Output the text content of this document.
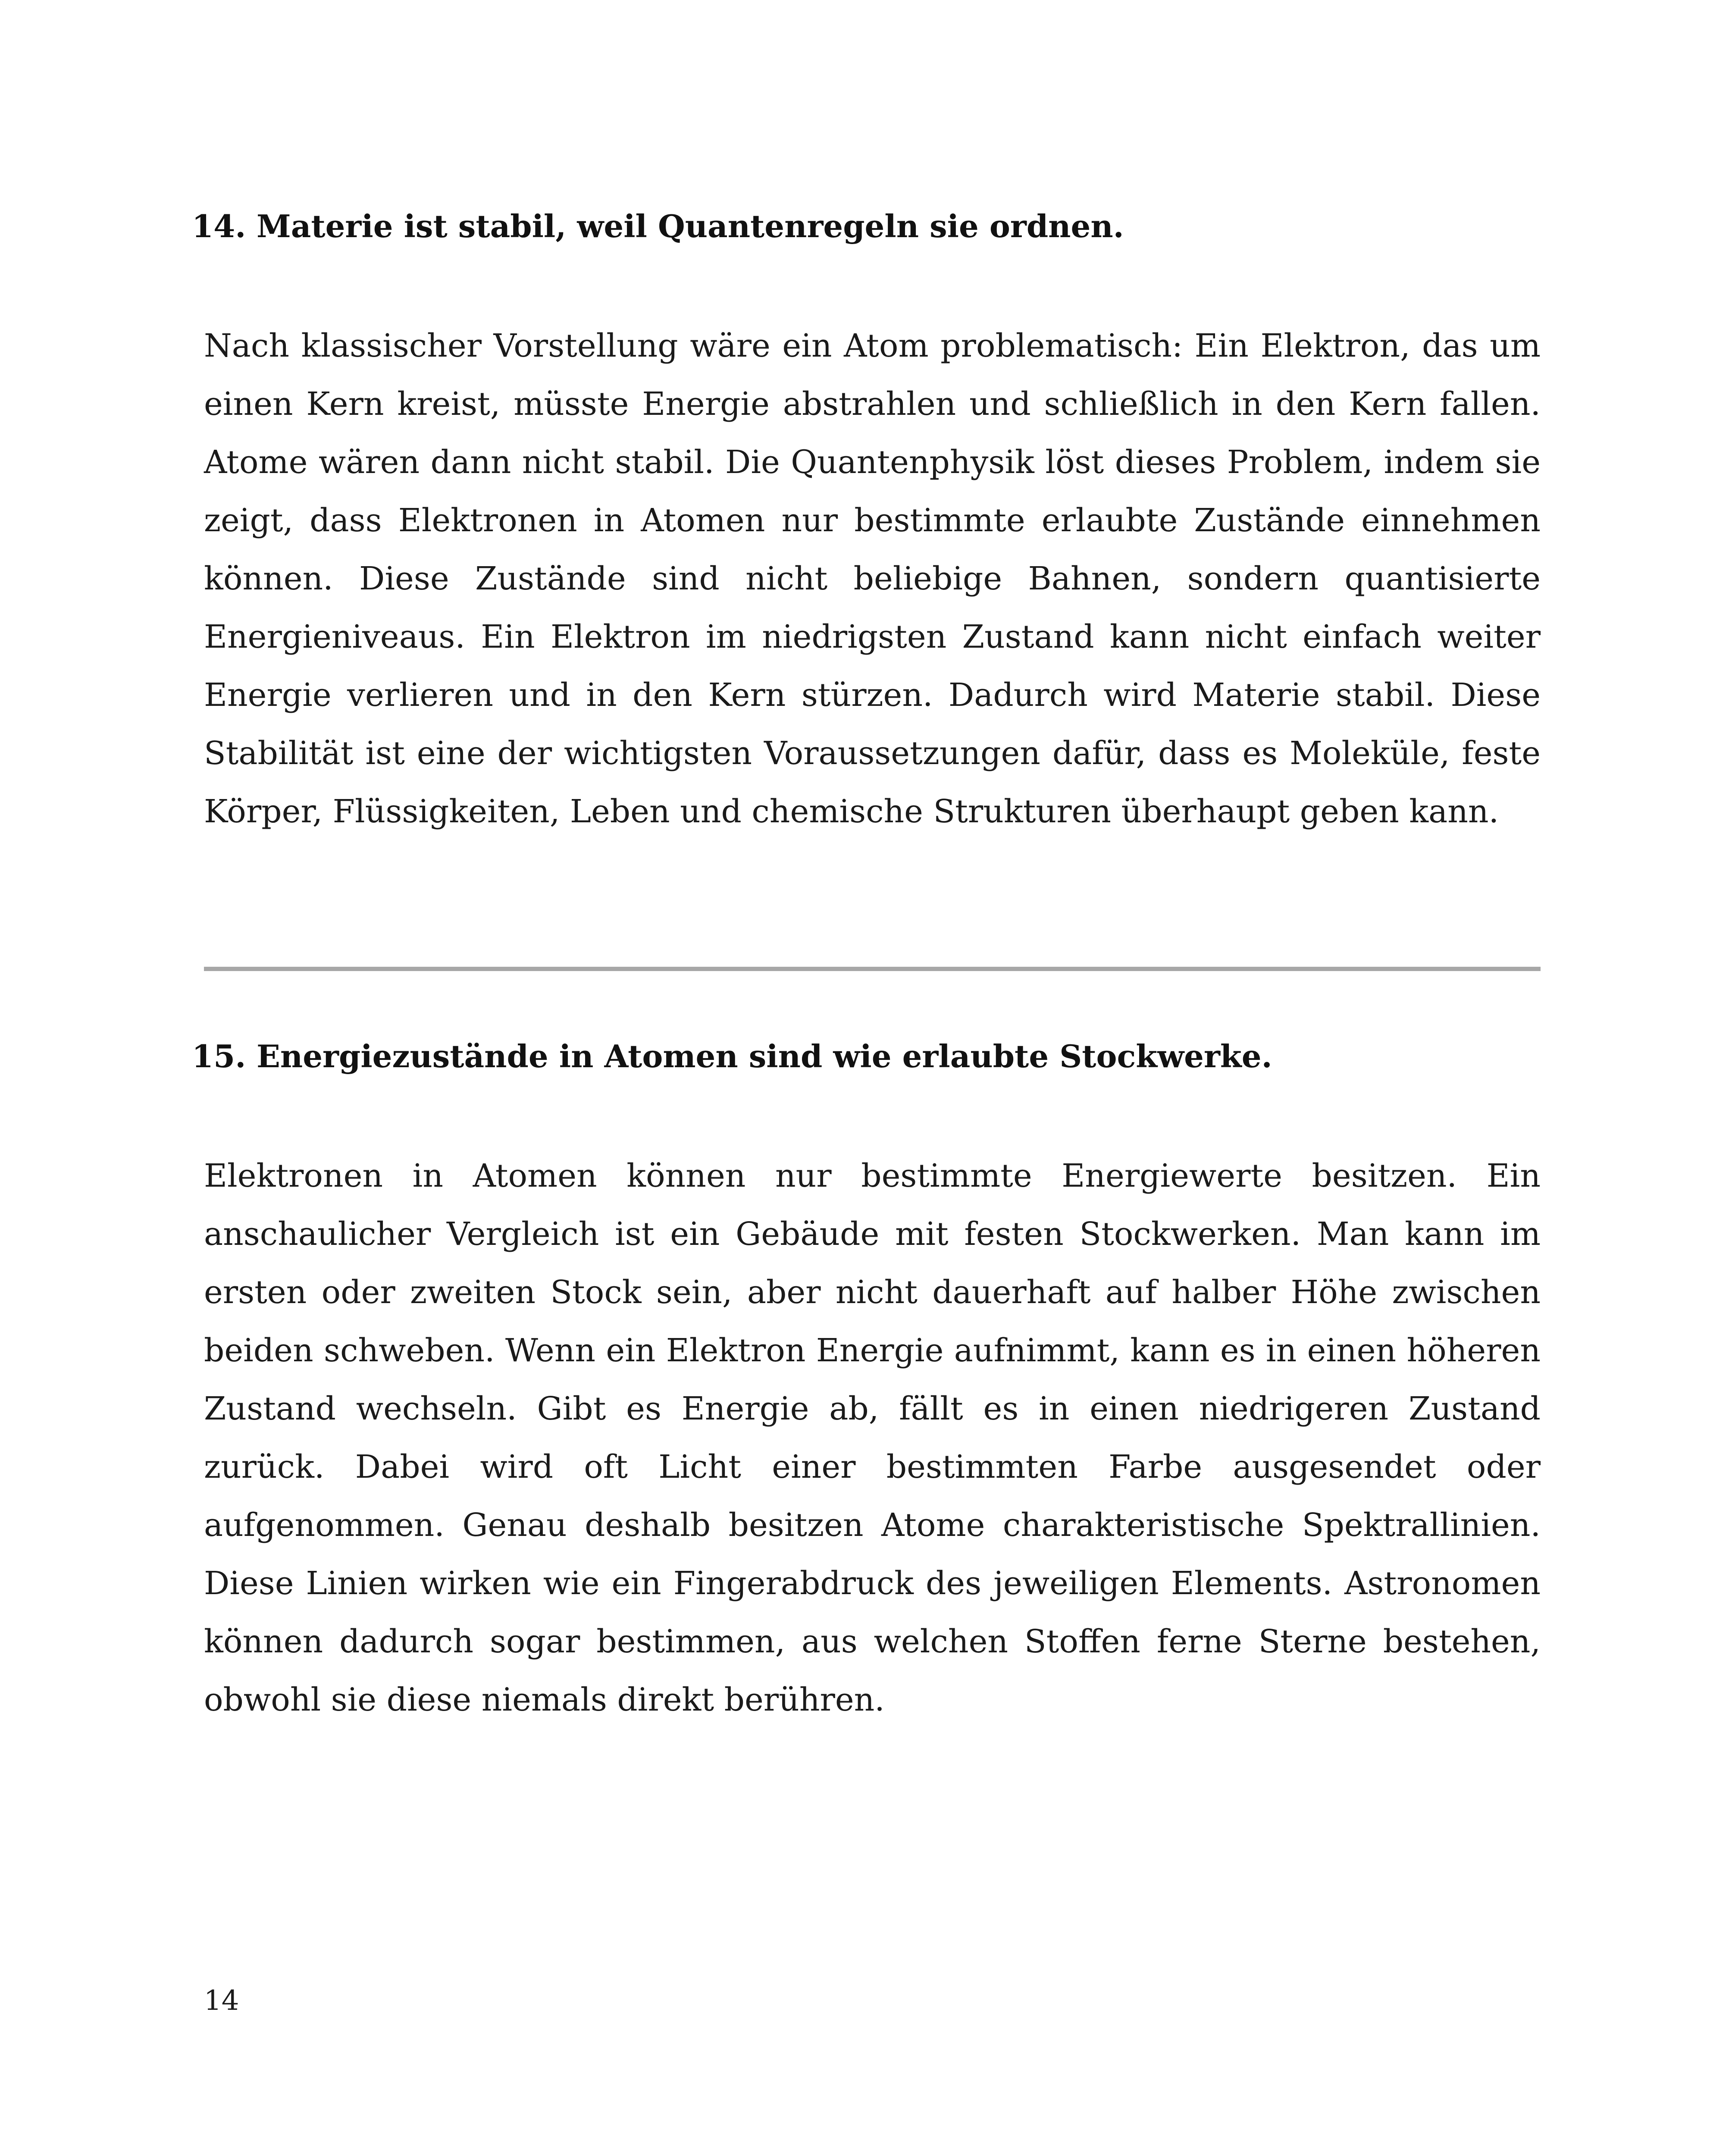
14. Materie ist stabil, weil Quantenregeln sie ordnen.

Nach klassischer Vorstellung wäre ein Atom problematisch: Ein Elektron, das um einen Kern kreist, müsste Energie abstrahlen und schließlich in den Kern fallen. Atome wären dann nicht stabil. Die Quantenphysik löst dieses Problem, indem sie zeigt, dass Elektronen in Atomen nur bestimmte erlaubte Zustände einnehmen können. Diese Zustände sind nicht beliebige Bahnen, sondern quantisierte Energieniveaus. Ein Elektron im niedrigsten Zustand kann nicht einfach weiter Energie verlieren und in den Kern stürzen. Dadurch wird Materie stabil. Diese Stabilität ist eine der wichtigsten Voraussetzungen dafür, dass es Moleküle, feste Körper, Flüssigkeiten, Leben und chemische Strukturen überhaupt geben kann.

15. Energiezustände in Atomen sind wie erlaubte Stockwerke.

Elektronen in Atomen können nur bestimmte Energiewerte besitzen. Ein anschaulicher Vergleich ist ein Gebäude mit festen Stockwerken. Man kann im ersten oder zweiten Stock sein, aber nicht dauerhaft auf halber Höhe zwischen beiden schweben. Wenn ein Elektron Energie aufnimmt, kann es in einen höheren Zustand wechseln. Gibt es Energie ab, fällt es in einen niedrigeren Zustand zurück. Dabei wird oft Licht einer bestimmten Farbe ausgesendet oder aufgenommen. Genau deshalb besitzen Atome charakteristische Spektrallinien. Diese Linien wirken wie ein Fingerabdruck des jeweiligen Elements. Astronomen können dadurch sogar bestimmen, aus welchen Stoffen ferne Sterne bestehen, obwohl sie diese niemals direkt berühren.

14
